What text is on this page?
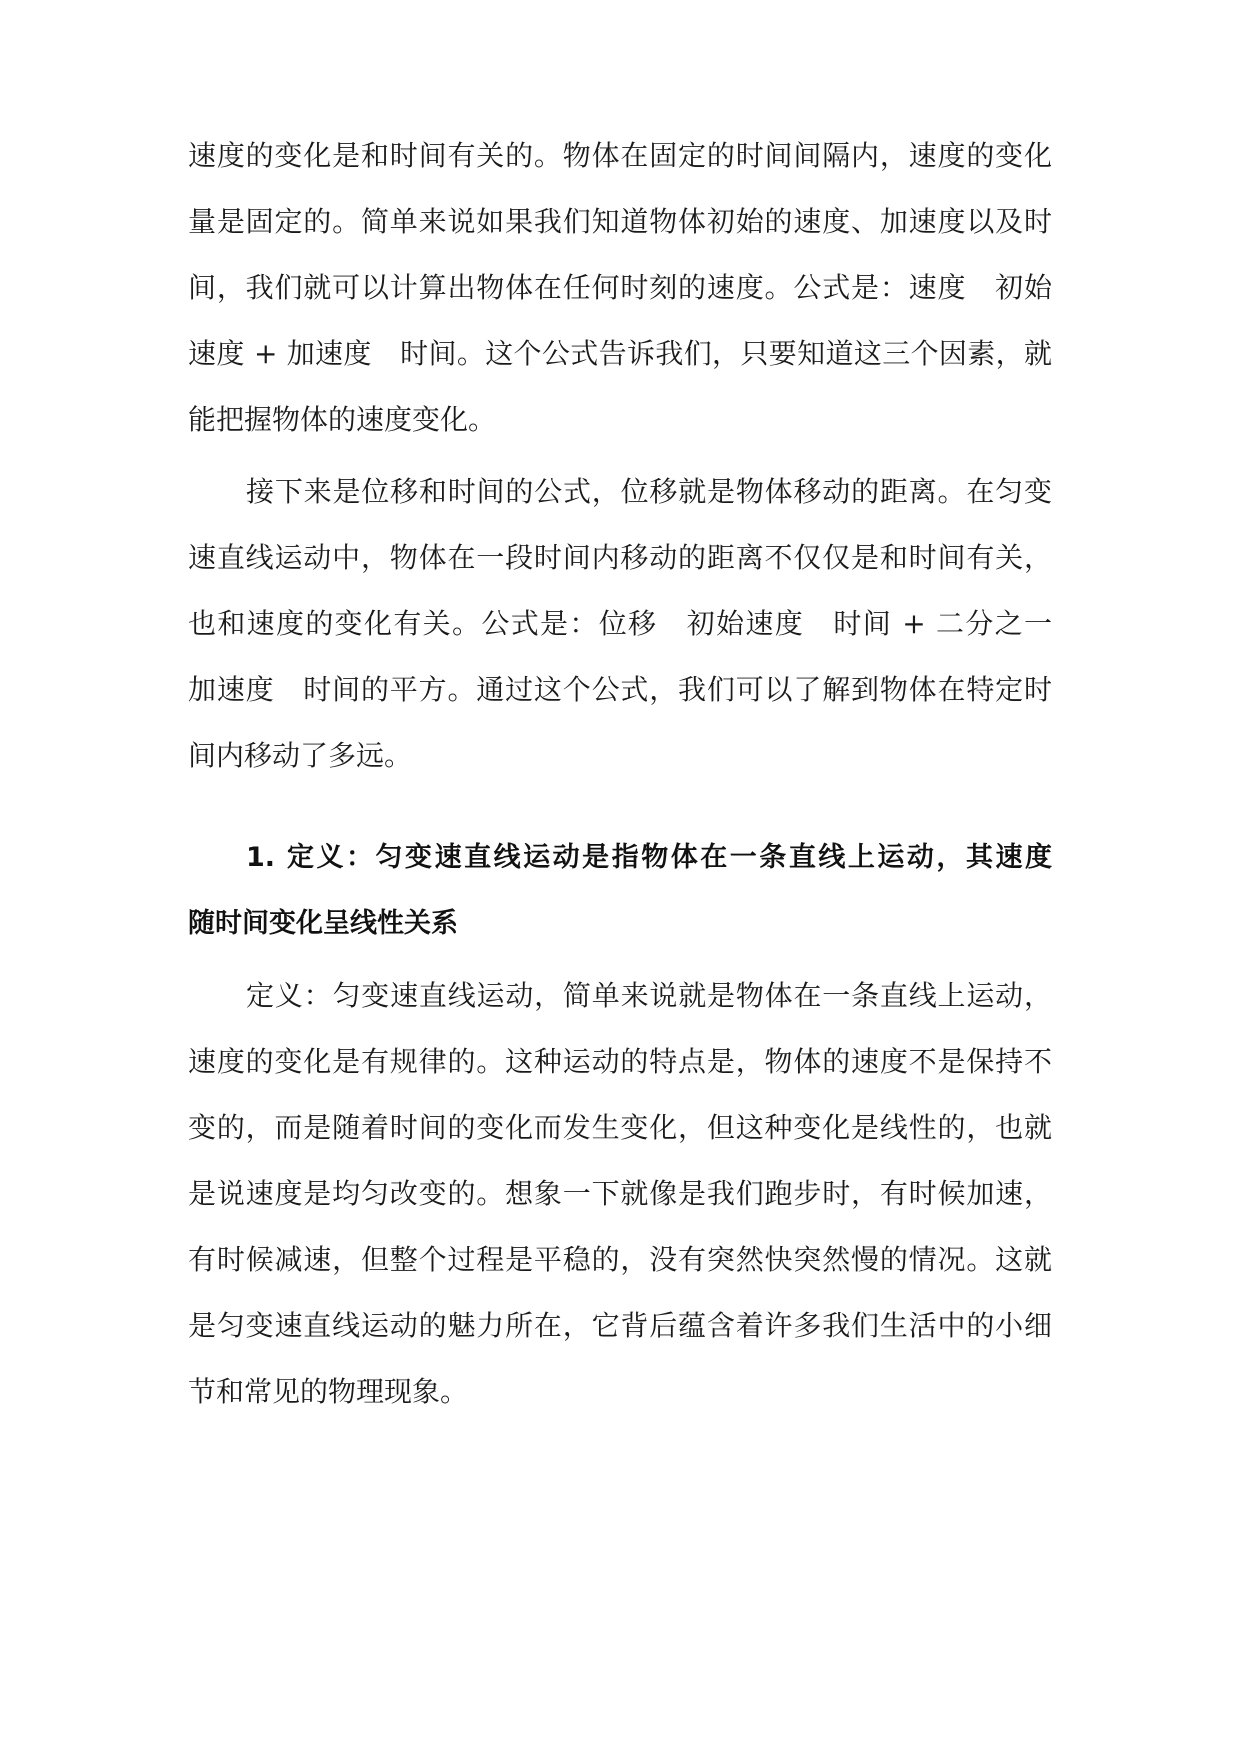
速度的变化是和时间有关的。物体在固定的时间间隔内，速度的变化
量是固定的。简单来说如果我们知道物体初始的速度、加速度以及时
间，我们就可以计算出物体在任何时刻的速度。公式是：速度　初始
速度 + 加速度　时间。这个公式告诉我们，只要知道这三个因素，就
能把握物体的速度变化。
接下来是位移和时间的公式，位移就是物体移动的距离。在匀变
速直线运动中，物体在一段时间内移动的距离不仅仅是和时间有关，
也和速度的变化有关。公式是：位移　初始速度　时间 + 二分之一
加速度　时间的平方。通过这个公式，我们可以了解到物体在特定时
间内移动了多远。
1. 定义：匀变速直线运动是指物体在一条直线上运动，其速度
随时间变化呈线性关系
定义：匀变速直线运动，简单来说就是物体在一条直线上运动，
速度的变化是有规律的。这种运动的特点是，物体的速度不是保持不
变的，而是随着时间的变化而发生变化，但这种变化是线性的，也就
是说速度是均匀改变的。想象一下就像是我们跑步时，有时候加速，
有时候减速，但整个过程是平稳的，没有突然快突然慢的情况。这就
是匀变速直线运动的魅力所在，它背后蕴含着许多我们生活中的小细
节和常见的物理现象。
